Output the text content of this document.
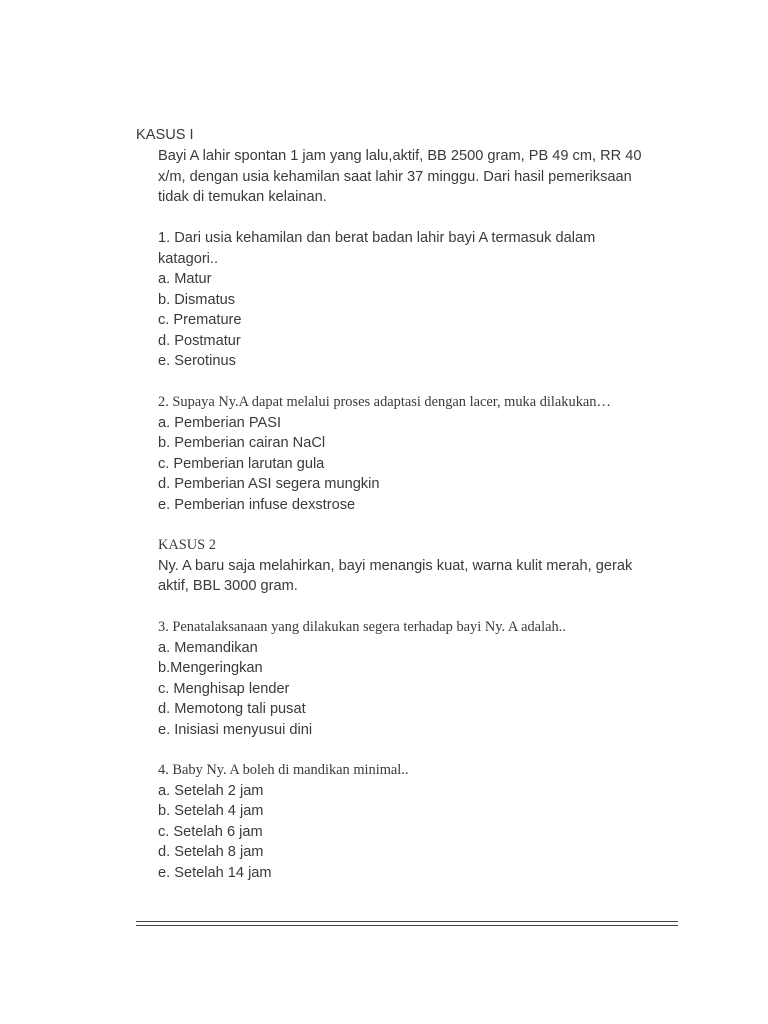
KASUS I
Bayi A lahir spontan 1 jam yang lalu,aktif, BB 2500 gram, PB 49 cm, RR 40
x/m, dengan usia kehamilan saat lahir 37 minggu. Dari hasil pemeriksaan
tidak di temukan kelainan.
1. Dari usia kehamilan dan berat badan lahir bayi A termasuk dalam
katagori..
a. Matur
b. Dismatus
c. Premature
d. Postmatur
e. Serotinus
2. Supaya Ny.A dapat melalui proses adaptasi dengan lacer, muka dilakukan…
a. Pemberian PASI
b. Pemberian cairan NaCl
c. Pemberian larutan gula
d. Pemberian ASI segera mungkin
e. Pemberian infuse dexstrose
KASUS 2
Ny. A baru saja melahirkan, bayi menangis kuat, warna kulit merah, gerak
aktif, BBL 3000 gram.
3. Penatalaksanaan yang dilakukan segera terhadap bayi Ny. A adalah..
a. Memandikan
b.Mengeringkan
c. Menghisap lender
d. Memotong tali pusat
e. Inisiasi menyusui dini
4. Baby Ny. A boleh di mandikan minimal..
a. Setelah 2 jam
b. Setelah 4 jam
c. Setelah 6 jam
d. Setelah 8 jam
e. Setelah 14 jam
